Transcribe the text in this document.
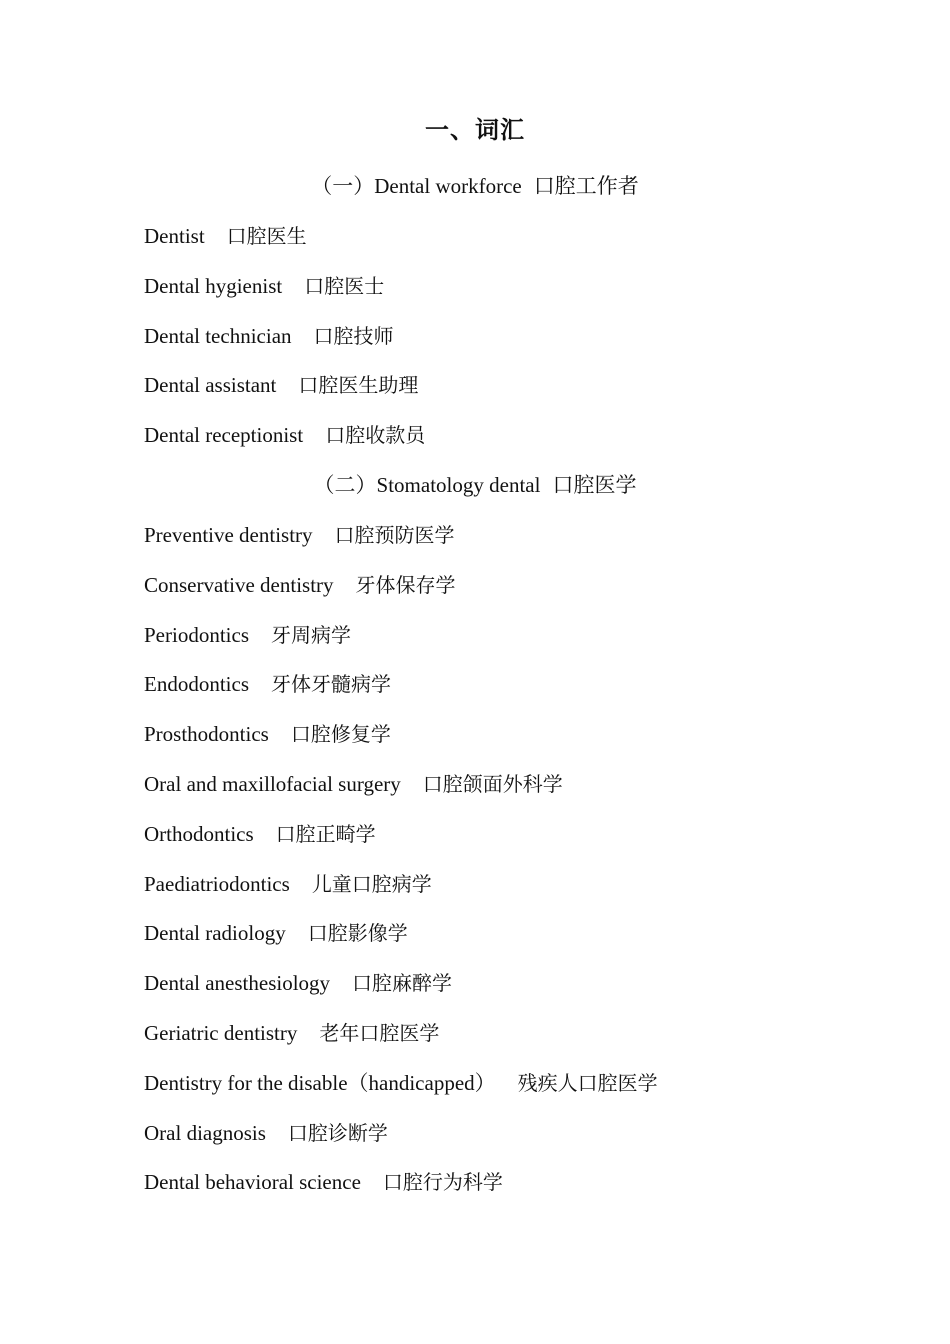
一、词汇
（一）Dental workforce 口腔工作者
Dentist 口腔医生
Dental hygienist 口腔医士
Dental technician 口腔技师
Dental assistant 口腔医生助理
Dental receptionist 口腔收款员
（二）Stomatology dental 口腔医学
Preventive dentistry 口腔预防医学
Conservative dentistry 牙体保存学
Periodontics 牙周病学
Endodontics 牙体牙髓病学
Prosthodontics 口腔修复学
Oral and maxillofacial surgery 口腔颌面外科学
Orthodontics 口腔正畸学
Paediatriodontics 儿童口腔病学
Dental radiology 口腔影像学
Dental anesthesiology 口腔麻醉学
Geriatric dentistry 老年口腔医学
Dentistry for the disable（handicapped） 残疾人口腔医学
Oral diagnosis 口腔诊断学
Dental behavioral science 口腔行为科学
